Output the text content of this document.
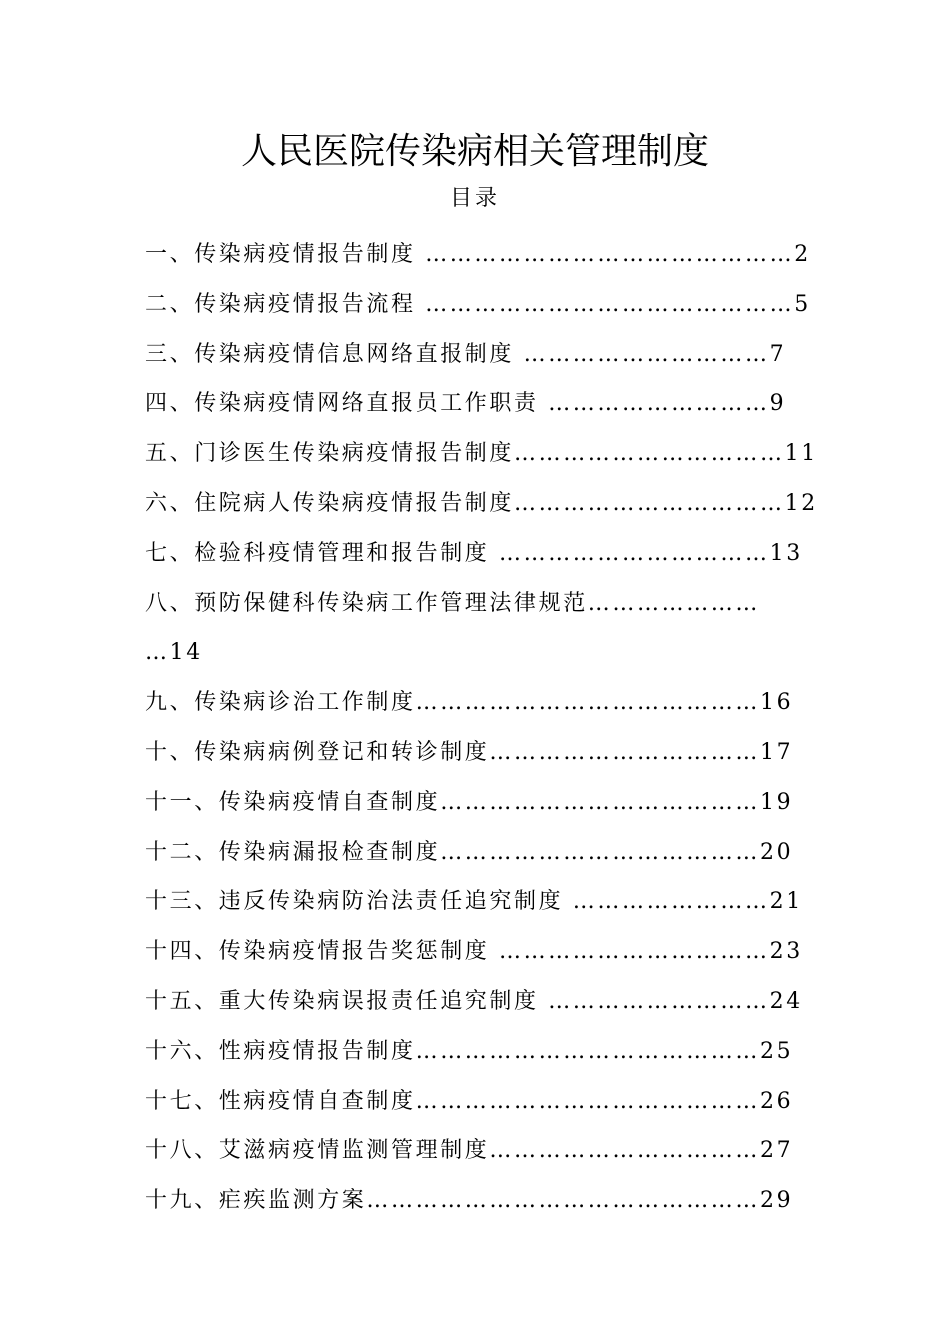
人民医院传染病相关管理制度
目录
一、传染病疫情报告制度 ………………………………………2
二、传染病疫情报告流程 ………………………………………5
三、传染病疫情信息网络直报制度 …………………………7
四、传染病疫情网络直报员工作职责 ………………………9
五、门诊医生传染病疫情报告制度……………………………11
六、住院病人传染病疫情报告制度……………………………12
七、检验科疫情管理和报告制度 ……………………………13
八、预防保健科传染病工作管理法律规范…………………
…14
九、传染病诊治工作制度……………………………………16
十、传染病病例登记和转诊制度……………………………17
十一、传染病疫情自查制度…………………………………19
十二、传染病漏报检查制度…………………………………20
十三、违反传染病防治法责任追究制度 ……………………21
十四、传染病疫情报告奖惩制度 ……………………………23
十五、重大传染病误报责任追究制度 ………………………24
十六、性病疫情报告制度……………………………………25
十七、性病疫情自查制度……………………………………26
十八、艾滋病疫情监测管理制度……………………………27
十九、疟疾监测方案…………………………………………29
